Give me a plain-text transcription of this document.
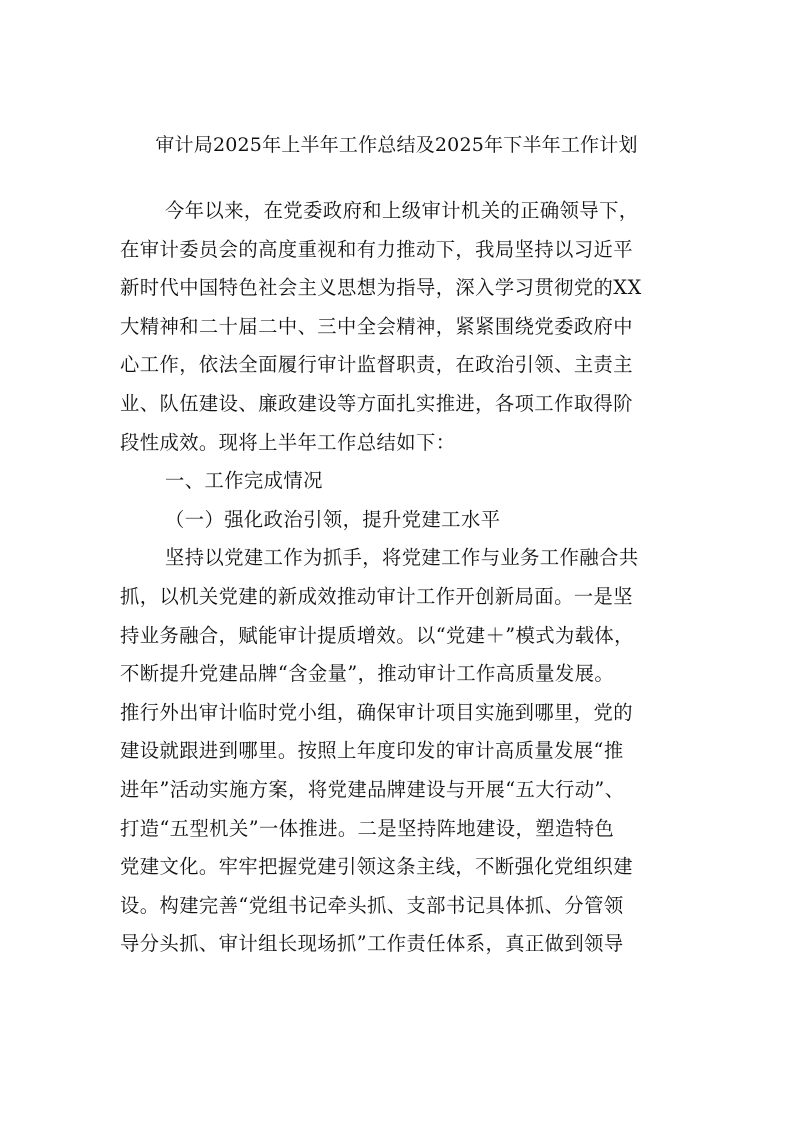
审计局2025年上半年工作总结及2025年下半年工作计划
今年以来，在党委政府和上级审计机关的正确领导下，
在审计委员会的高度重视和有力推动下，我局坚持以习近平
新时代中国特色社会主义思想为指导，深入学习贯彻党的XX
大精神和二十届二中、三中全会精神，紧紧围绕党委政府中
心工作，依法全面履行审计监督职责，在政治引领、主责主
业、队伍建设、廉政建设等方面扎实推进，各项工作取得阶
段性成效。现将上半年工作总结如下：
一、工作完成情况
（一）强化政治引领，提升党建工水平
坚持以党建工作为抓手，将党建工作与业务工作融合共
抓，以机关党建的新成效推动审计工作开创新局面。一是坚
持业务融合，赋能审计提质增效。以“党建＋”模式为载体，
不断提升党建品牌“含金量”，推动审计工作高质量发展。
推行外出审计临时党小组，确保审计项目实施到哪里，党的
建设就跟进到哪里。按照上年度印发的审计高质量发展“推
进年”活动实施方案，将党建品牌建设与开展“五大行动”、
打造“五型机关”一体推进。二是坚持阵地建设，塑造特色
党建文化。牢牢把握党建引领这条主线，不断强化党组织建
设。构建完善“党组书记牵头抓、支部书记具体抓、分管领
导分头抓、审计组长现场抓”工作责任体系，真正做到领导
